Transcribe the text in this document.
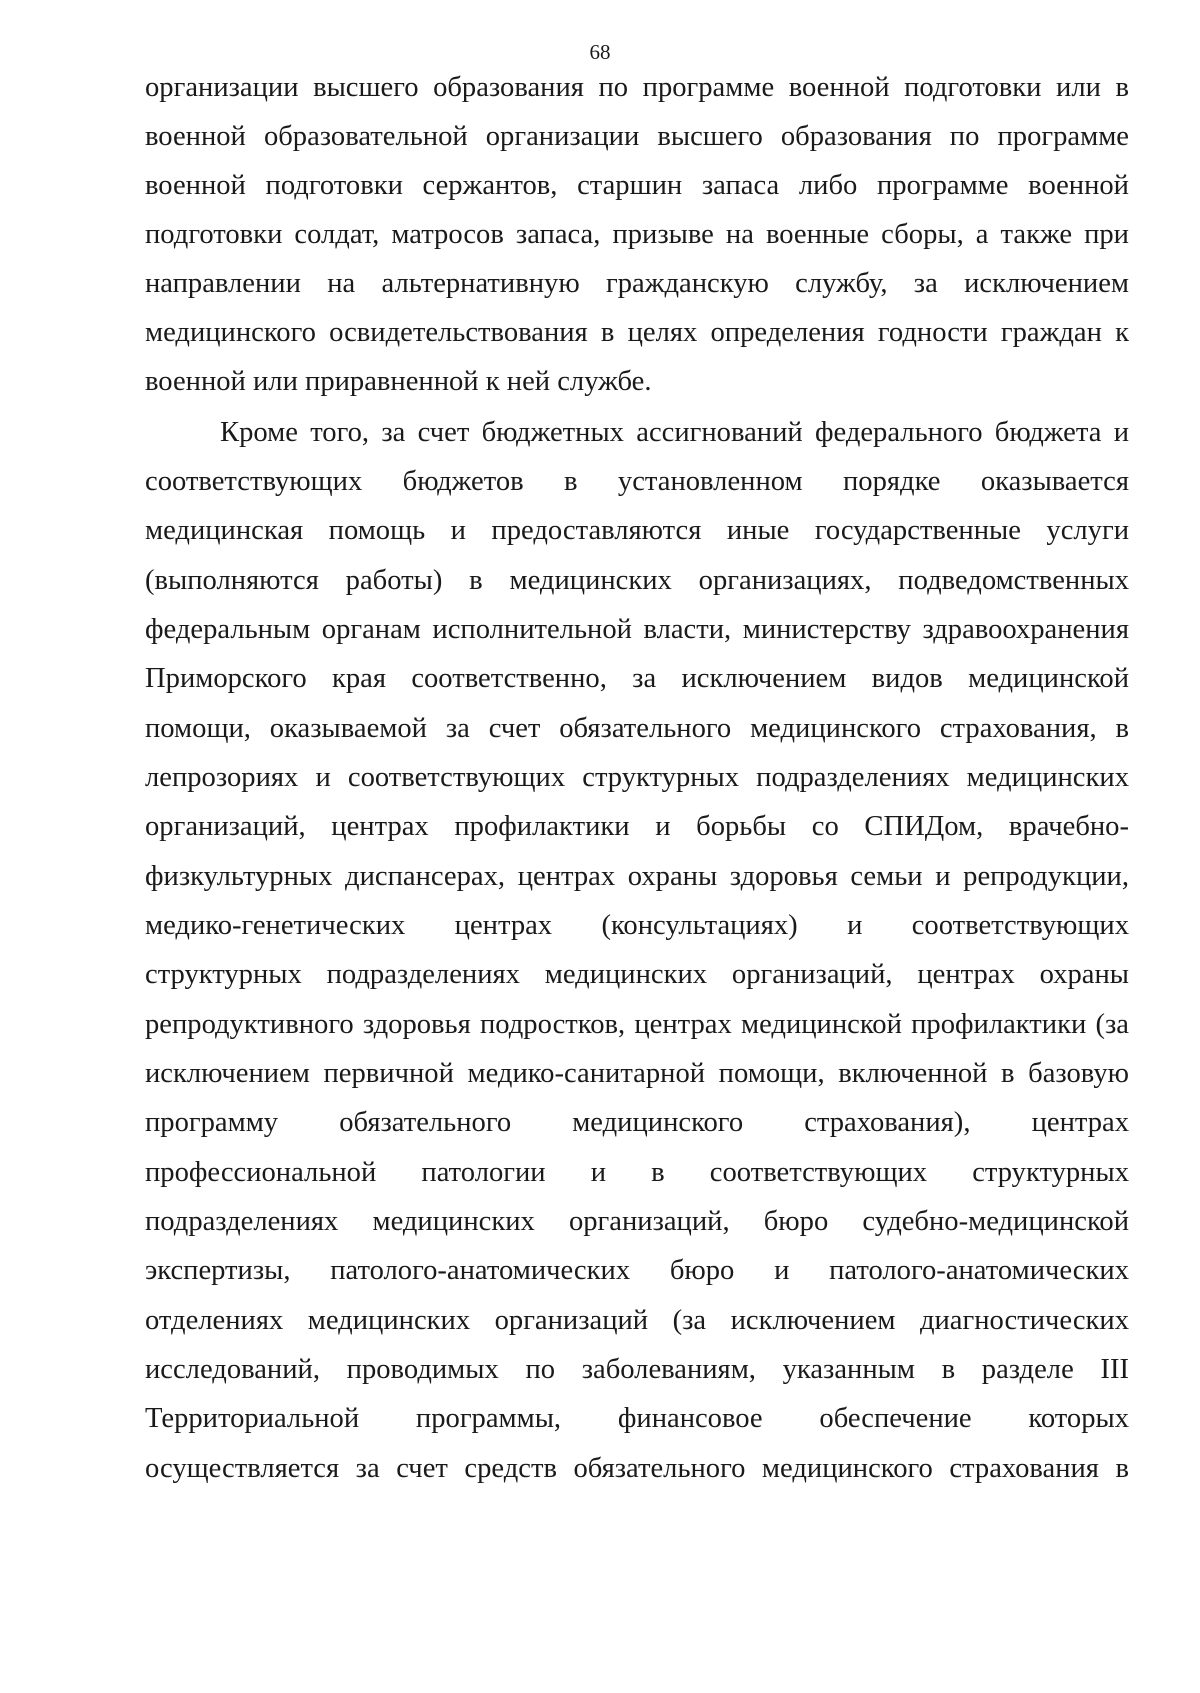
68
организации высшего образования по программе военной подготовки или в
военной образовательной организации высшего образования по программе
военной подготовки сержантов, старшин запаса либо программе военной
подготовки солдат, матросов запаса, призыве на военные сборы, а также при
направлении на альтернативную гражданскую службу, за исключением
медицинского освидетельствования в целях определения годности граждан к
военной или приравненной к ней службе.
Кроме того, за счет бюджетных ассигнований федерального бюджета и
соответствующих бюджетов в установленном порядке оказывается
медицинская помощь и предоставляются иные государственные услуги
(выполняются работы) в медицинских организациях, подведомственных
федеральным органам исполнительной власти, министерству здравоохранения
Приморского края соответственно, за исключением видов медицинской
помощи, оказываемой за счет обязательного медицинского страхования, в
лепрозориях и соответствующих структурных подразделениях медицинских
организаций, центрах профилактики и борьбы со СПИДом, врачебно-
физкультурных диспансерах, центрах охраны здоровья семьи и репродукции,
медико-генетических центрах (консультациях) и соответствующих
структурных подразделениях медицинских организаций, центрах охраны
репродуктивного здоровья подростков, центрах медицинской профилактики (за
исключением первичной медико-санитарной помощи, включенной в базовую
программу обязательного медицинского страхования), центрах
профессиональной патологии и в соответствующих структурных
подразделениях медицинских организаций, бюро судебно-медицинской
экспертизы, патолого-анатомических бюро и патолого-анатомических
отделениях медицинских организаций (за исключением диагностических
исследований, проводимых по заболеваниям, указанным в разделе III
Территориальной программы, финансовое обеспечение которых
осуществляется за счет средств обязательного медицинского страхования в
